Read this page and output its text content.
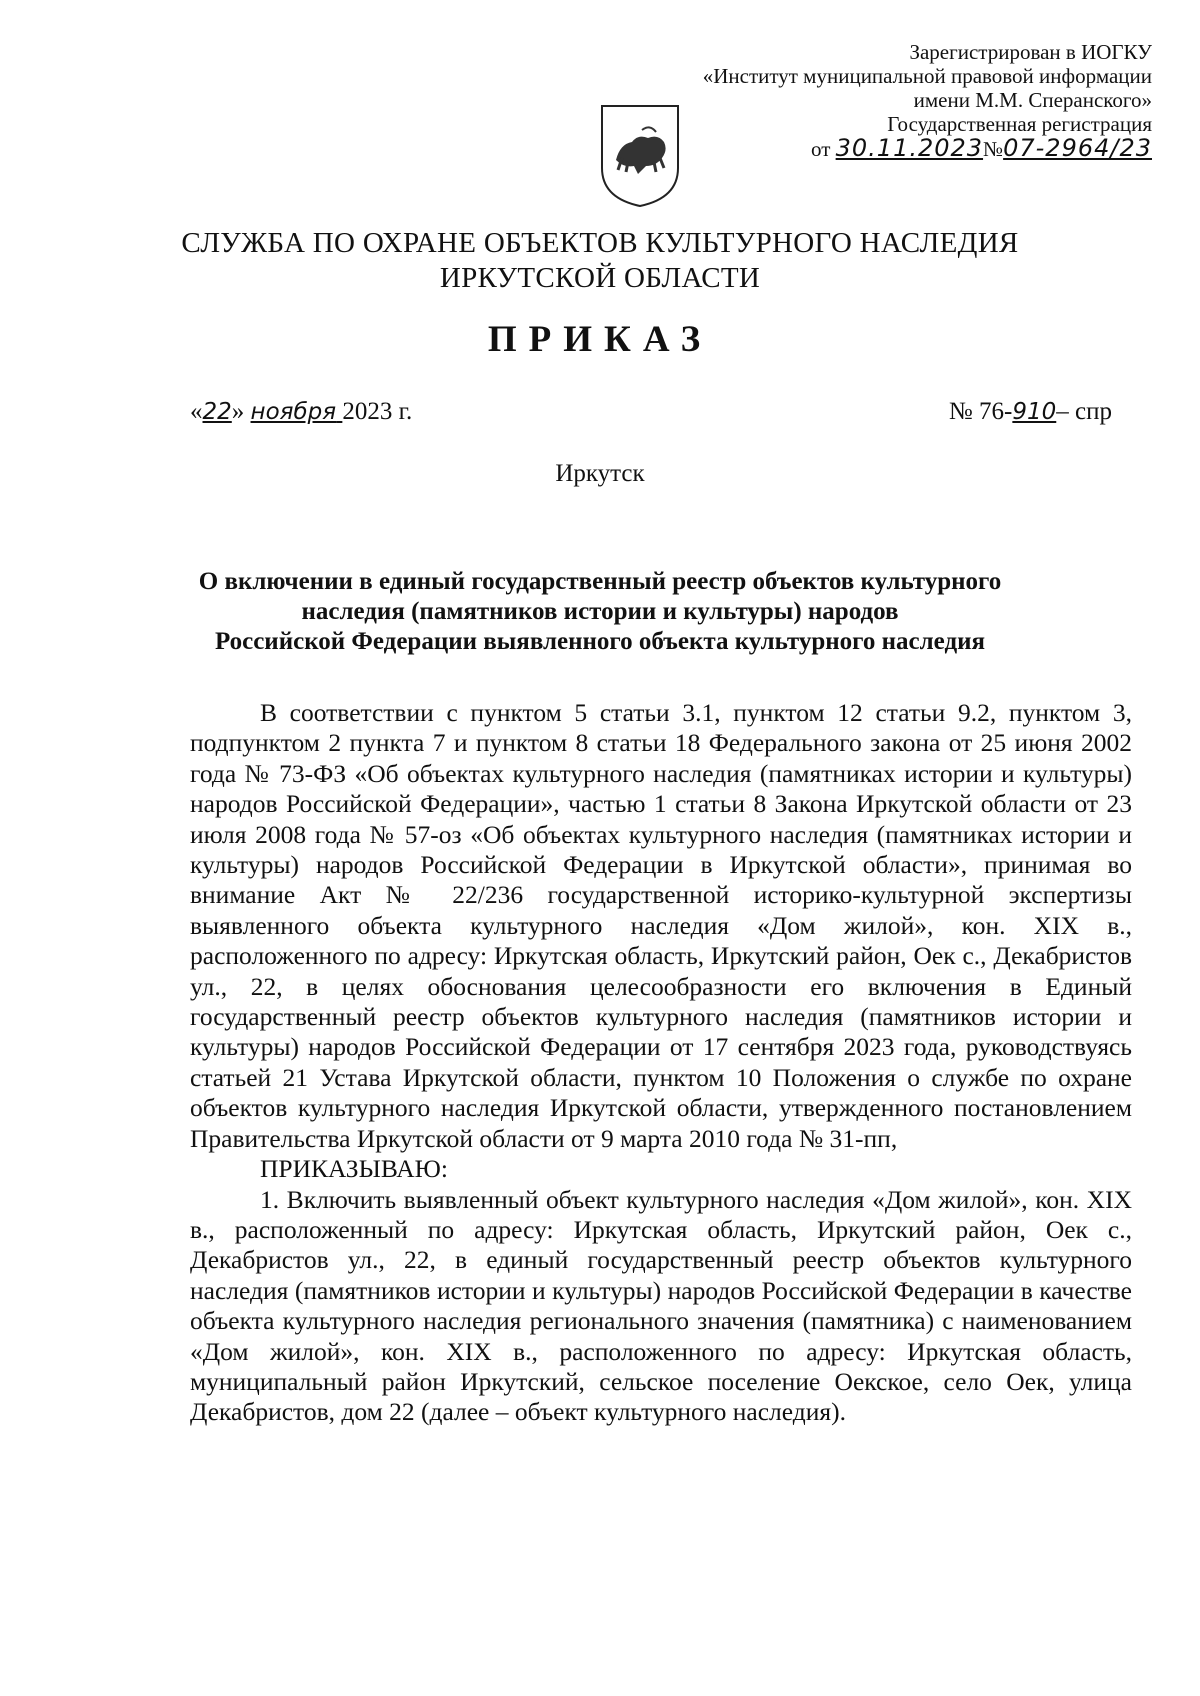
Зарегистрирован в ИОГКУ
«Институт муниципальной правовой информации
имени М.М. Сперанского»
Государственная регистрация
от 30.11.2023№07-2964/23
СЛУЖБА ПО ОХРАНЕ ОБЪЕКТОВ КУЛЬТУРНОГО НАСЛЕДИЯ
ИРКУТСКОЙ ОБЛАСТИ
ПРИКАЗ
«22» ноября 2023 г.	№ 76-910– спр
Иркутск
О включении в единый государственный реестр объектов культурного
наследия (памятников истории и культуры) народов
Российской Федерации выявленного объекта культурного наследия

В соответствии с пунктом 5 статьи 3.1, пунктом 12 статьи 9.2, пунктом 3, подпунктом 2 пункта 7 и пунктом 8 статьи 18 Федерального закона от 25 июня 2002 года № 73-ФЗ «Об объектах культурного наследия (памятниках истории и культуры) народов Российской Федерации», частью 1 статьи 8 Закона Иркутской области от 23 июля 2008 года № 57-оз «Об объектах культурного наследия (памятниках истории и культуры) народов Российской Федерации в Иркутской области», принимая во внимание Акт № 22/236 государственной историко-культурной экспертизы выявленного объекта культурного наследия «Дом жилой», кон. XIX в., расположенного по адресу: Иркутская область, Иркутский район, Оек с., Декабристов ул., 22, в целях обоснования целесообразности его включения в Единый государственный реестр объектов культурного наследия (памятников истории и культуры) народов Российской Федерации от 17 сентября 2023 года, руководствуясь статьей 21 Устава Иркутской области, пунктом 10 Положения о службе по охране объектов культурного наследия Иркутской области, утвержденного постановлением Правительства Иркутской области от 9 марта 2010 года № 31-пп,

ПРИКАЗЫВАЮ:

1. Включить выявленный объект культурного наследия «Дом жилой», кон. XIX в., расположенный по адресу: Иркутская область, Иркутский район, Оек с., Декабристов ул., 22, в единый государственный реестр объектов культурного наследия (памятников истории и культуры) народов Российской Федерации в качестве объекта культурного наследия регионального значения (памятника) с наименованием «Дом жилой», кон. XIX в., расположенного по адресу: Иркутская область, муниципальный район Иркутский, сельское поселение Оекское, село Оек, улица Декабристов, дом 22 (далее – объект культурного наследия).
